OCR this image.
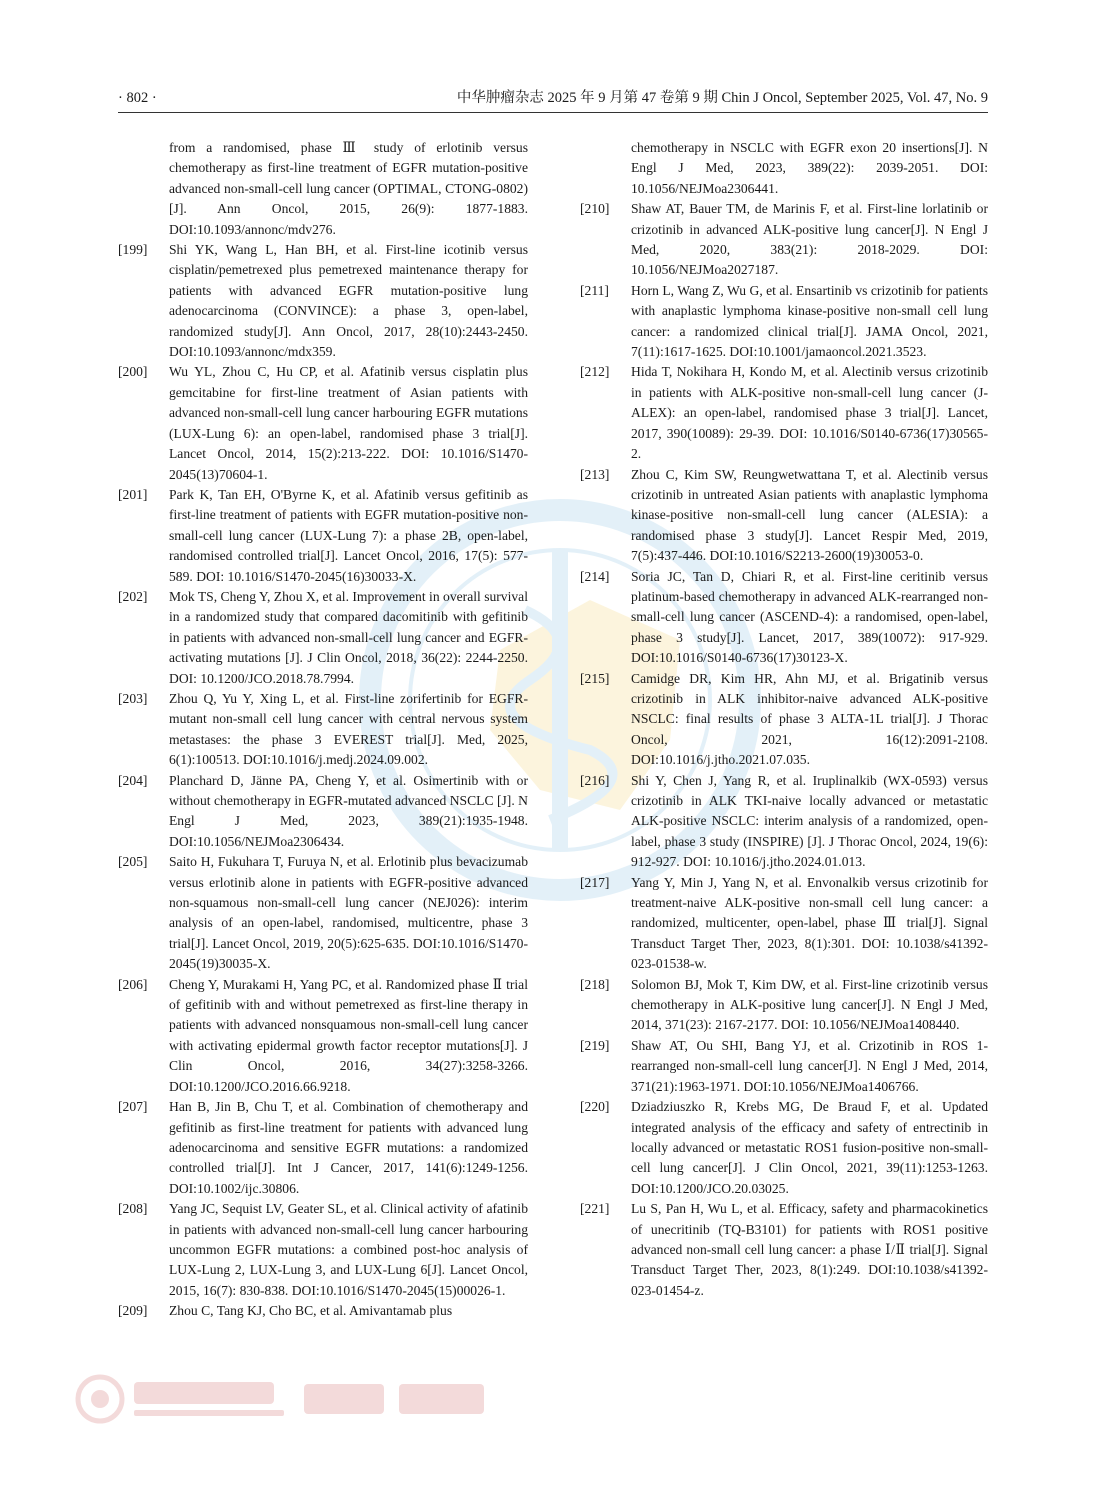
· 802 ·	中华肿瘤杂志 2025 年 9 月第 47 卷第 9 期 Chin J Oncol, September 2025, Vol. 47, No. 9
from a randomised, phase Ⅲ study of erlotinib versus chemotherapy as first-line treatment of EGFR mutation-positive advanced non-small-cell lung cancer (OPTIMAL, CTONG-0802) [J]. Ann Oncol, 2015, 26(9): 1877-1883. DOI:10.1093/annonc/mdv276.
[199]	Shi YK, Wang L, Han BH, et al. First-line icotinib versus cisplatin/pemetrexed plus pemetrexed maintenance therapy for patients with advanced EGFR mutation-positive lung adenocarcinoma (CONVINCE): a phase 3, open-label, randomized study[J]. Ann Oncol, 2017, 28(10):2443-2450. DOI:10.1093/annonc/mdx359.
[200]	Wu YL, Zhou C, Hu CP, et al. Afatinib versus cisplatin plus gemcitabine for first-line treatment of Asian patients with advanced non-small-cell lung cancer harbouring EGFR mutations (LUX-Lung 6): an open-label, randomised phase 3 trial[J]. Lancet Oncol, 2014, 15(2):213-222. DOI: 10.1016/S1470-2045(13)70604-1.
[201]	Park K, Tan EH, O'Byrne K, et al. Afatinib versus gefitinib as first-line treatment of patients with EGFR mutation-positive non-small-cell lung cancer (LUX-Lung 7): a phase 2B, open-label, randomised controlled trial[J]. Lancet Oncol, 2016, 17(5): 577-589. DOI: 10.1016/S1470-2045(16)30033-X.
[202]	Mok TS, Cheng Y, Zhou X, et al. Improvement in overall survival in a randomized study that compared dacomitinib with gefitinib in patients with advanced non-small-cell lung cancer and EGFR-activating mutations [J]. J Clin Oncol, 2018, 36(22): 2244-2250. DOI: 10.1200/JCO.2018.78.7994.
[203]	Zhou Q, Yu Y, Xing L, et al. First-line zorifertinib for EGFR-mutant non-small cell lung cancer with central nervous system metastases: the phase 3 EVEREST trial[J]. Med, 2025, 6(1):100513. DOI:10.1016/j.medj.2024.09.002.
[204]	Planchard D, Jänne PA, Cheng Y, et al. Osimertinib with or without chemotherapy in EGFR-mutated advanced NSCLC [J]. N Engl J Med, 2023, 389(21):1935-1948. DOI:10.1056/NEJMoa2306434.
[205]	Saito H, Fukuhara T, Furuya N, et al. Erlotinib plus bevacizumab versus erlotinib alone in patients with EGFR-positive advanced non-squamous non-small-cell lung cancer (NEJ026): interim analysis of an open-label, randomised, multicentre, phase 3 trial[J]. Lancet Oncol, 2019, 20(5):625-635. DOI:10.1016/S1470-2045(19)30035-X.
[206]	Cheng Y, Murakami H, Yang PC, et al. Randomized phase Ⅱ trial of gefitinib with and without pemetrexed as first-line therapy in patients with advanced nonsquamous non-small-cell lung cancer with activating epidermal growth factor receptor mutations[J]. J Clin Oncol, 2016, 34(27):3258-3266. DOI:10.1200/JCO.2016.66.9218.
[207]	Han B, Jin B, Chu T, et al. Combination of chemotherapy and gefitinib as first-line treatment for patients with advanced lung adenocarcinoma and sensitive EGFR mutations: a randomized controlled trial[J]. Int J Cancer, 2017, 141(6):1249-1256. DOI:10.1002/ijc.30806.
[208]	Yang JC, Sequist LV, Geater SL, et al. Clinical activity of afatinib in patients with advanced non-small-cell lung cancer harbouring uncommon EGFR mutations: a combined post-hoc analysis of LUX-Lung 2, LUX-Lung 3, and LUX-Lung 6[J]. Lancet Oncol, 2015, 16(7): 830-838. DOI:10.1016/S1470-2045(15)00026-1.
[209]	Zhou C, Tang KJ, Cho BC, et al. Amivantamab plus
chemotherapy in NSCLC with EGFR exon 20 insertions[J]. N Engl J Med, 2023, 389(22): 2039-2051. DOI: 10.1056/NEJMoa2306441.
[210]	Shaw AT, Bauer TM, de Marinis F, et al. First-line lorlatinib or crizotinib in advanced ALK-positive lung cancer[J]. N Engl J Med, 2020, 383(21): 2018-2029. DOI: 10.1056/NEJMoa2027187.
[211]	Horn L, Wang Z, Wu G, et al. Ensartinib vs crizotinib for patients with anaplastic lymphoma kinase-positive non-small cell lung cancer: a randomized clinical trial[J]. JAMA Oncol, 2021, 7(11):1617-1625. DOI:10.1001/jamaoncol.2021.3523.
[212]	Hida T, Nokihara H, Kondo M, et al. Alectinib versus crizotinib in patients with ALK-positive non-small-cell lung cancer (J-ALEX): an open-label, randomised phase 3 trial[J]. Lancet, 2017, 390(10089): 29-39. DOI: 10.1016/S0140-6736(17)30565-2.
[213]	Zhou C, Kim SW, Reungwetwattana T, et al. Alectinib versus crizotinib in untreated Asian patients with anaplastic lymphoma kinase-positive non-small-cell lung cancer (ALESIA): a randomised phase 3 study[J]. Lancet Respir Med, 2019, 7(5):437-446. DOI:10.1016/S2213-2600(19)30053-0.
[214]	Soria JC, Tan D, Chiari R, et al. First-line ceritinib versus platinum-based chemotherapy in advanced ALK-rearranged non-small-cell lung cancer (ASCEND-4): a randomised, open-label, phase 3 study[J]. Lancet, 2017, 389(10072): 917-929. DOI:10.1016/S0140-6736(17)30123-X.
[215]	Camidge DR, Kim HR, Ahn MJ, et al. Brigatinib versus crizotinib in ALK inhibitor-naive advanced ALK-positive NSCLC: final results of phase 3 ALTA-1L trial[J]. J Thorac Oncol, 2021, 16(12):2091-2108. DOI:10.1016/j.jtho.2021.07.035.
[216]	Shi Y, Chen J, Yang R, et al. Iruplinalkib (WX-0593) versus crizotinib in ALK TKI-naive locally advanced or metastatic ALK-positive NSCLC: interim analysis of a randomized, open-label, phase 3 study (INSPIRE) [J]. J Thorac Oncol, 2024, 19(6): 912-927. DOI: 10.1016/j.jtho.2024.01.013.
[217]	Yang Y, Min J, Yang N, et al. Envonalkib versus crizotinib for treatment-naive ALK-positive non-small cell lung cancer: a randomized, multicenter, open-label, phase Ⅲ trial[J]. Signal Transduct Target Ther, 2023, 8(1):301. DOI: 10.1038/s41392-023-01538-w.
[218]	Solomon BJ, Mok T, Kim DW, et al. First-line crizotinib versus chemotherapy in ALK-positive lung cancer[J]. N Engl J Med, 2014, 371(23): 2167-2177. DOI: 10.1056/NEJMoa1408440.
[219]	Shaw AT, Ou SHI, Bang YJ, et al. Crizotinib in ROS 1-rearranged non-small-cell lung cancer[J]. N Engl J Med, 2014, 371(21):1963-1971. DOI:10.1056/NEJMoa1406766.
[220]	Dziadziuszko R, Krebs MG, De Braud F, et al. Updated integrated analysis of the efficacy and safety of entrectinib in locally advanced or metastatic ROS1 fusion-positive non-small-cell lung cancer[J]. J Clin Oncol, 2021, 39(11):1253-1263. DOI:10.1200/JCO.20.03025.
[221]	Lu S, Pan H, Wu L, et al. Efficacy, safety and pharmacokinetics of unecritinib (TQ-B3101) for patients with ROS1 positive advanced non-small cell lung cancer: a phase Ⅰ/Ⅱ trial[J]. Signal Transduct Target Ther, 2023, 8(1):249. DOI:10.1038/s41392-023-01454-z.
